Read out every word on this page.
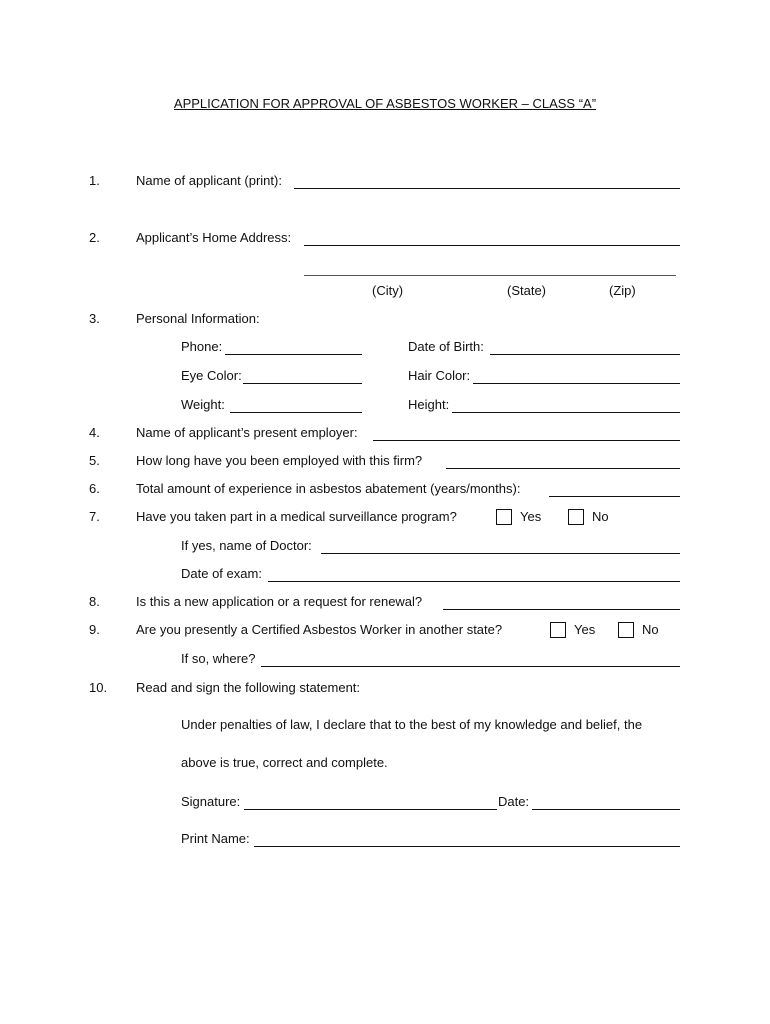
APPLICATION FOR APPROVAL OF ASBESTOS WORKER – CLASS “A”
1.	Name of applicant (print):
2.	Applicant’s Home Address:
(City)	(State)	(Zip)
3.	Personal Information:
Phone:	Date of Birth:
Eye Color:	Hair Color:
Weight:	Height:
4.	Name of applicant’s present employer:
5.	How long have you been employed with this firm?
6.	Total amount of experience in asbestos abatement (years/months):
7.	Have you taken part in a medical surveillance program?	Yes	No
If yes, name of Doctor:
Date of exam:
8.	Is this a new application or a request for renewal?
9.	Are you presently a Certified Asbestos Worker in another state?	Yes	No
If so, where?
10. Read and sign the following statement:
Under penalties of law, I declare that to the best of my knowledge and belief, the
above is true, correct and complete.
Signature:	Date:
Print Name:
